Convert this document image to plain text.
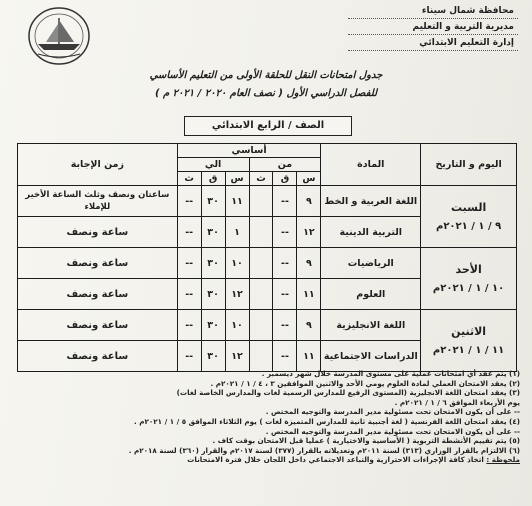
محافظة شمال سيناء
مديرية التربية و التعليم
إدارة التعليم الابتدائي
جدول امتحانات النقل للحلقة الأولى من التعليم الأساسي
للفصل الدراسي الأول ( نصف العام ٢٠٢٠ / ٢٠٢١ م )
الصف / الرابع الابتدائي
اليوم و التاريخ	المادة	أساسي						زمن الإجابة
		من			الي			
		س	ق	ث	س	ق	ث	

السبت
٩ / ١ / ٢٠٢١م	اللغة العربية و الخط	٩	--		١١	٣٠	--	ساعتان ونصف وثلث الساعة الأخير للإملاء
	التربية الدينية	١٢	--		١	٣٠	--	ساعة ونصف

الأحد
١٠ / ١ / ٢٠٢١م	الرياضيات	٩	--		١٠	٣٠	--	ساعة ونصف
	العلوم	١١	--		١٢	٣٠	--	ساعة ونصف

الاثنين
١١ / ١ / ٢٠٢١م	اللغة الانجليزية	٩	--		١٠	٣٠	--	ساعة ونصف
	الدراسات الاجتماعية	١١	--		١٢	٣٠	--	ساعة ونصف
(١) يتم عقد أي امتحانات عملية على مستوى المدرسة خلال شهر ديسمبر .
(٢) يعقد الامتحان العملي لمادة العلوم يومي الأحد والاثنين الموافقين ٣ ، ٤ / ١ / ٢٠٢١م .
(٣) يعقد امتحان اللغة الانجليزية (المستوى الرفيع للمدارس الرسمية لغات والمدارس الخاصة لغات)
يوم الأربعاء الموافق ٦ / ١ / ٢٠٢١م .
-- على أن يكون الامتحان تحت مسئولية مدير المدرسة والتوجيه المختص .
(٤) يعقد امتحان اللغة الفرنسية ( لغة أجنبية ثانية للمدارس المتميزة لغات ) يوم الثلاثاء الموافق ٥ / ١ / ٢٠٢١م .
-- على أن يكون الامتحان تحت مسئولية مدير المدرسة والتوجيه المختص .
(٥) يتم تقييم الأنشطة التربوية ( الأساسية والاختيارية ) عمليا قبل الامتحان بوقت كاف .
(٦) الالتزام بالقرار الوزاري (٣١٣) لسنة ٢٠١١م وتعديلاته بالقرار (٣٧٧) لسنة ٢٠١٧م والقرار (٣٦٠) لسنة ٢٠١٨م .
ملحوظة : اتخاذ كافة الإجراءات الاحترازية والتباعد الاجتماعي داخل اللجان خلال فترة الامتحانات
